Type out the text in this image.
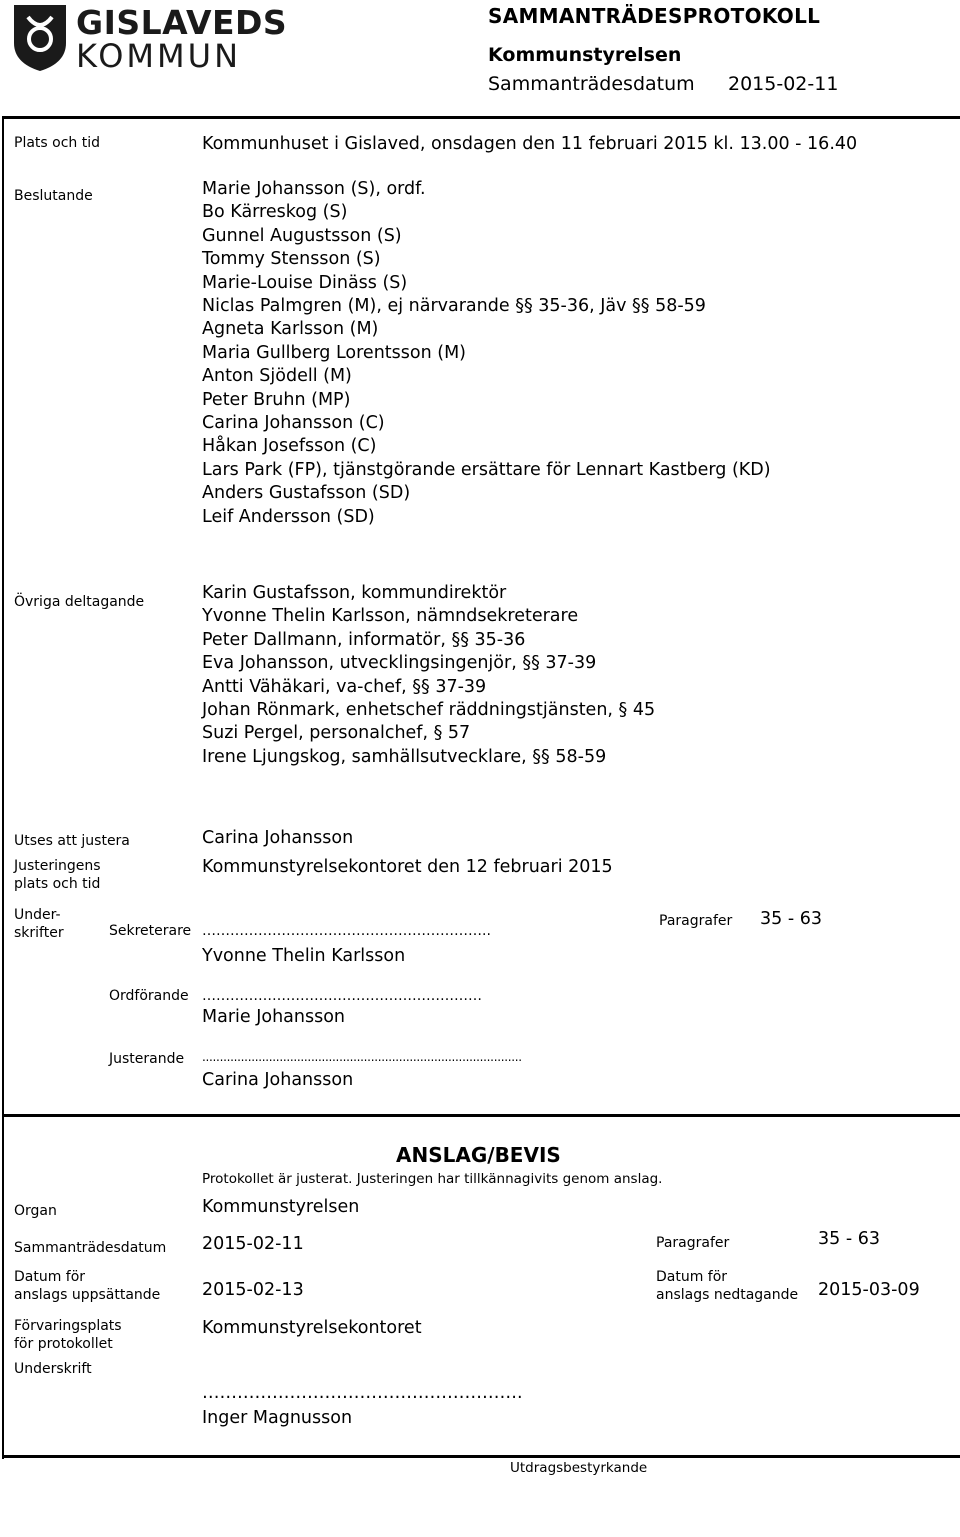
GISLAVEDS
KOMMUN
SAMMANTRÄDESPROTOKOLL
Kommunstyrelsen
Sammanträdesdatum 2015-02-11
Plats och tid	Kommunhuset i Gislaved, onsdagen den 11 februari 2015 kl. 13.00 - 16.40
Beslutande	Marie Johansson (S), ordf.
Bo Kärreskog (S)
Gunnel Augustsson (S)
Tommy Stensson (S)
Marie-Louise Dinäss (S)
Niclas Palmgren (M), ej närvarande §§ 35-36, Jäv §§ 58-59
Agneta Karlsson (M)
Maria Gullberg Lorentsson (M)
Anton Sjödell (M)
Peter Bruhn (MP)
Carina Johansson (C)
Håkan Josefsson (C)
Lars Park (FP), tjänstgörande ersättare för Lennart Kastberg (KD)
Anders Gustafsson (SD)
Leif Andersson (SD)
Övriga deltagande	Karin Gustafsson, kommundirektör
Yvonne Thelin Karlsson, nämndsekreterare
Peter Dallmann, informatör, §§ 35-36
Eva Johansson, utvecklingsingenjör, §§ 37-39
Antti Vähäkari, va-chef, §§ 37-39
Johan Rönmark, enhetschef räddningstjänsten, § 45
Suzi Pergel, personalchef, § 57
Irene Ljungskog, samhällsutvecklare, §§ 58-59
Utses att justera	Carina Johansson
Justeringens
plats och tid
Kommunstyrelsekontoret den 12 februari 2015
Under-
skrifter	Sekreterare ……………………………………………………..
Yvonne Thelin Karlsson
Paragrafer 35 - 63
Ordförande ……………………………………………………
Marie Johansson
Justerande ...........................................................................................
Carina Johansson
ANSLAG/BEVIS
Protokollet är justerat. Justeringen har tillkännagivits genom anslag.
Organ	Kommunstyrelsen
Sammanträdesdatum 2015-02-11	Paragrafer	35 - 63
Datum för
anslags uppsättande 2015-02-13
Datum för
anslags nedtagande 2015-03-09
Förvaringsplats
för protokollet
Kommunstyrelsekontoret
Underskrift
……………………………………………….
Inger Magnusson
Utdragsbestyrkande
